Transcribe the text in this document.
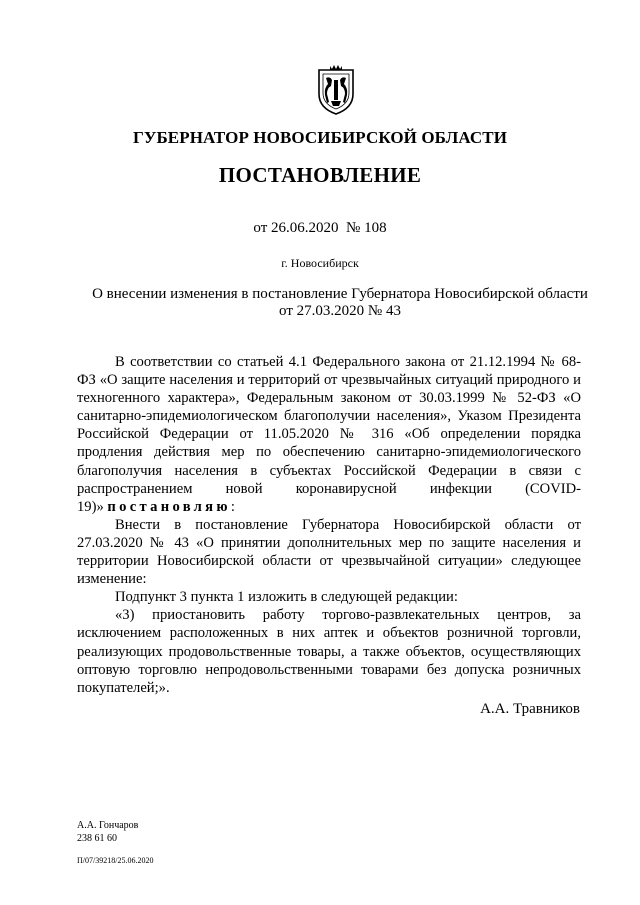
ГУБЕРНАТОР НОВОСИБИРСКОЙ ОБЛАСТИ
ПОСТАНОВЛЕНИЕ
от 26.06.2020 № 108
г. Новосибирск
О внесении изменения в постановление Губернатора Новосибирской области
от 27.03.2020 № 43

В соответствии со статьей 4.1 Федерального закона от 21.12.1994 № 68-ФЗ «О защите населения и территорий от чрезвычайных ситуаций природного и техногенного характера», Федеральным законом от 30.03.1999 № 52-ФЗ «О санитарно-эпидемиологическом благополучии населения», Указом Президента Российской Федерации от 11.05.2020 № 316 «Об определении порядка продления действия мер по обеспечению санитарно-эпидемиологического благополучия населения в субъектах Российской Федерации в связи с распространением новой коронавирусной инфекции (COVID-19)» постановляю:

Внести в постановление Губернатора Новосибирской области от 27.03.2020 № 43 «О принятии дополнительных мер по защите населения и территории Новосибирской области от чрезвычайной ситуации» следующее изменение:

Подпункт 3 пункта 1 изложить в следующей редакции:

«3) приостановить работу торгово-развлекательных центров, за исключением расположенных в них аптек и объектов розничной торговли, реализующих продовольственные товары, а также объектов, осуществляющих оптовую торговлю непродовольственными товарами без допуска розничных покупателей;».

А.А. Травников
А.А. Гончаров
238 61 60
П/07/39218/25.06.2020
